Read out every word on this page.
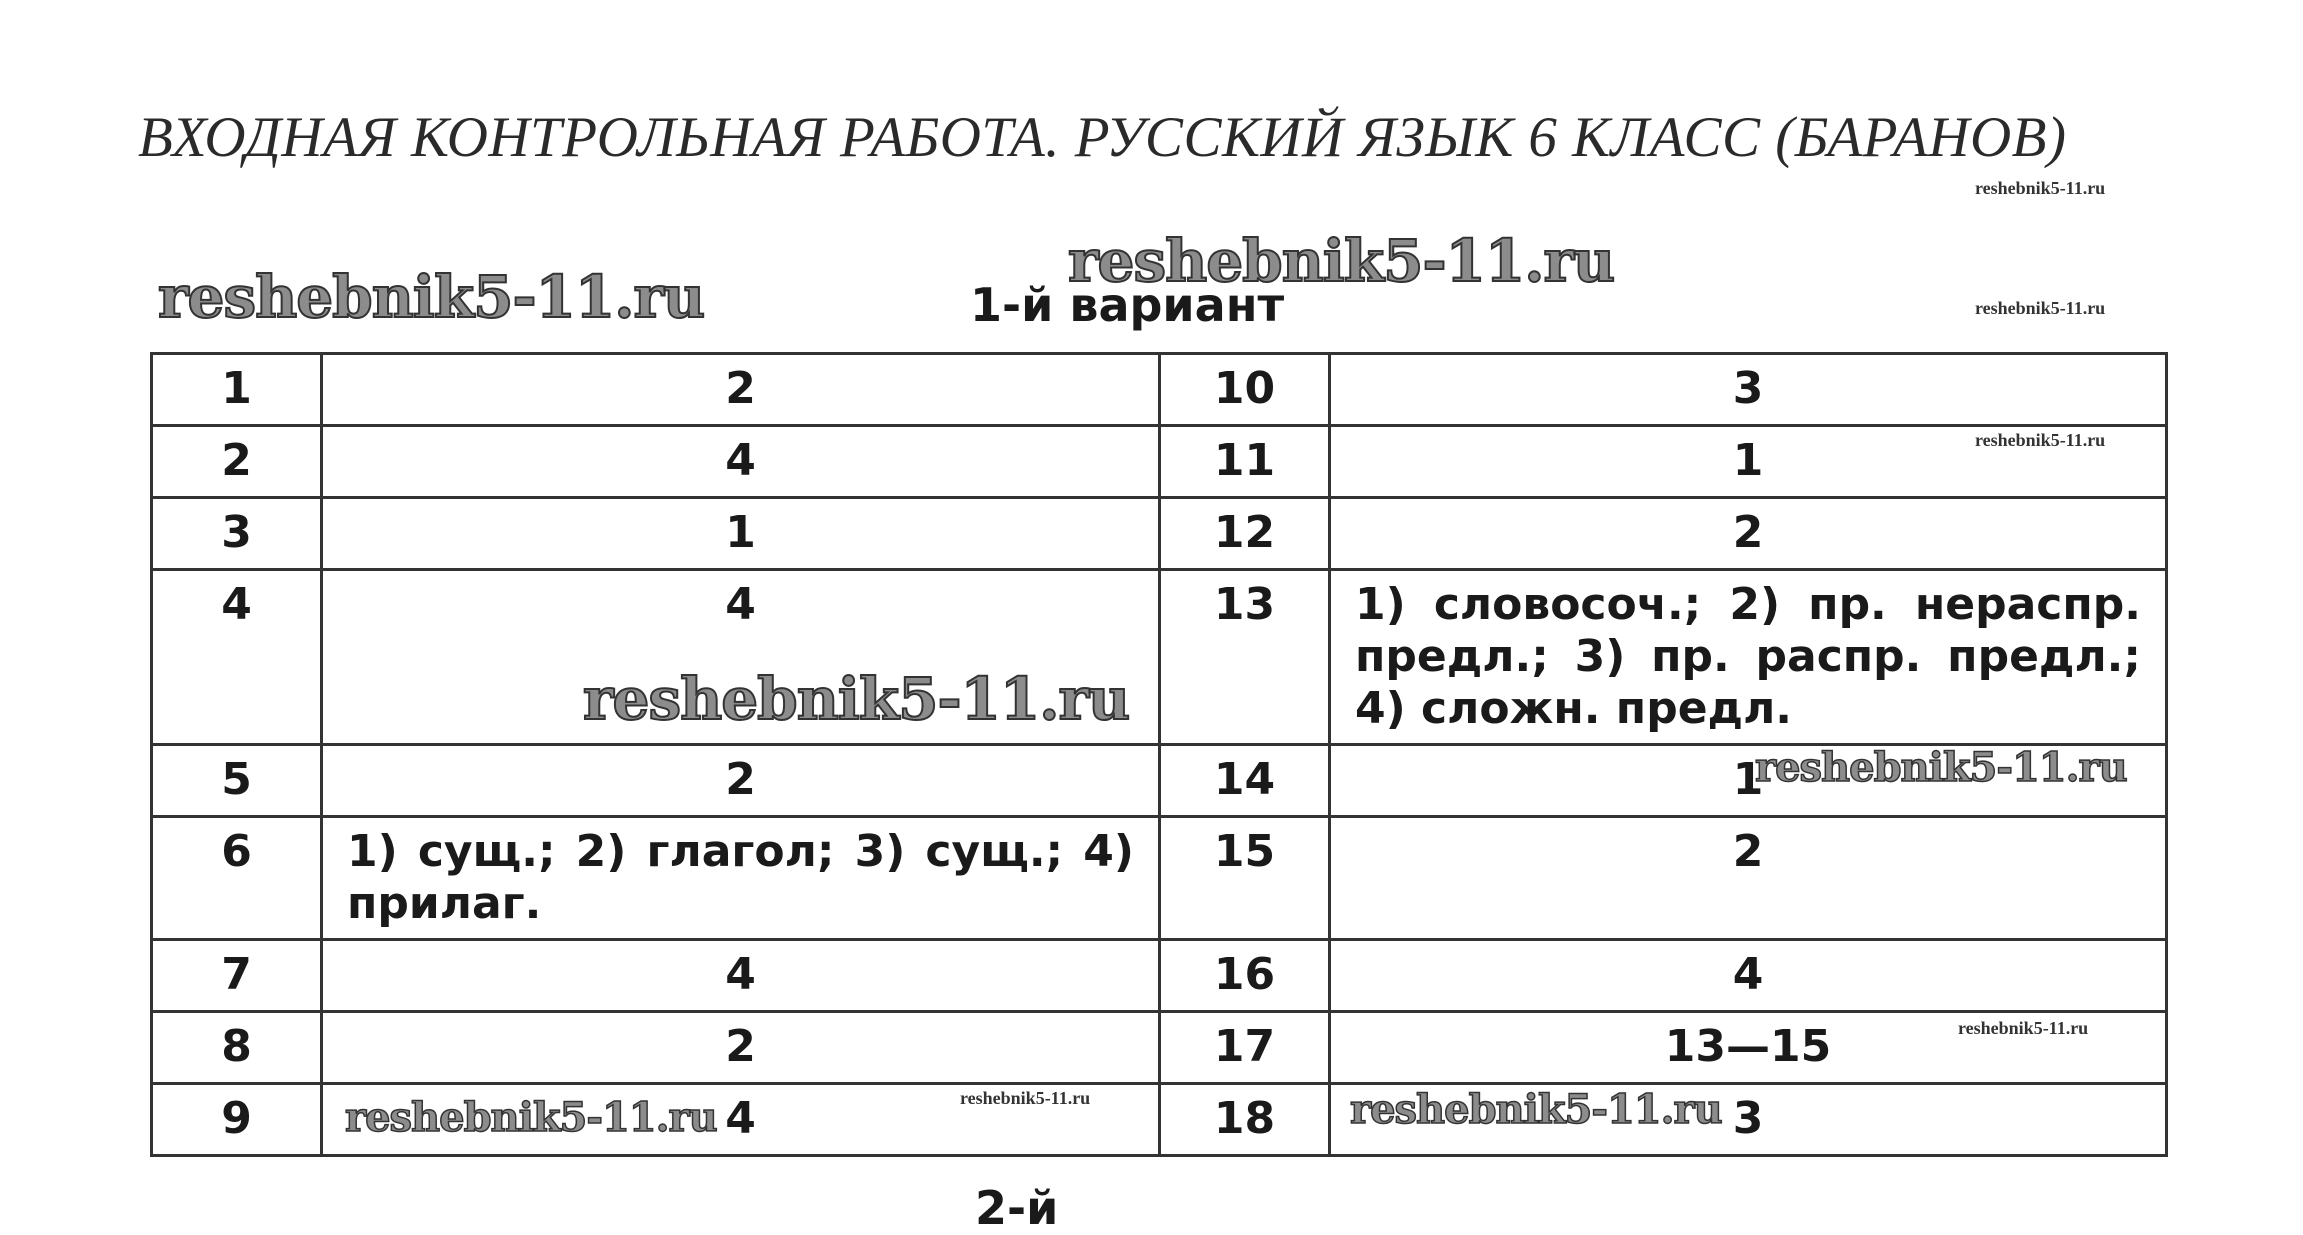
ВХОДНАЯ КОНТРОЛЬНАЯ РАБОТА. РУССКИЙ ЯЗЫК 6 КЛАСС (БАРАНОВ)
reshebnik5-11.ru
reshebnik5-11.ru
reshebnik5-11.ru
reshebnik5-11.ru
reshebnik5-11.ru
1-й вариант
1	2	10	3
2	4	11	1
3	1	12	2
4	4	13	1) словосоч.; 2) пр. нераспр. предл.; 3) пр. распр. предл.; 4) сложн. предл.
5	2	14	1
6	1) сущ.; 2) глагол; 3) сущ.; 4) прилаг.	15	2
7	4	16	4
8	2	17	13—15
9	4	18	3
reshebnik5-11.ru
reshebnik5-11.ru
reshebnik5-11.ru
reshebnik5-11.ru	reshebnik5-11.ru	reshebnik5-11.ru
2-й
